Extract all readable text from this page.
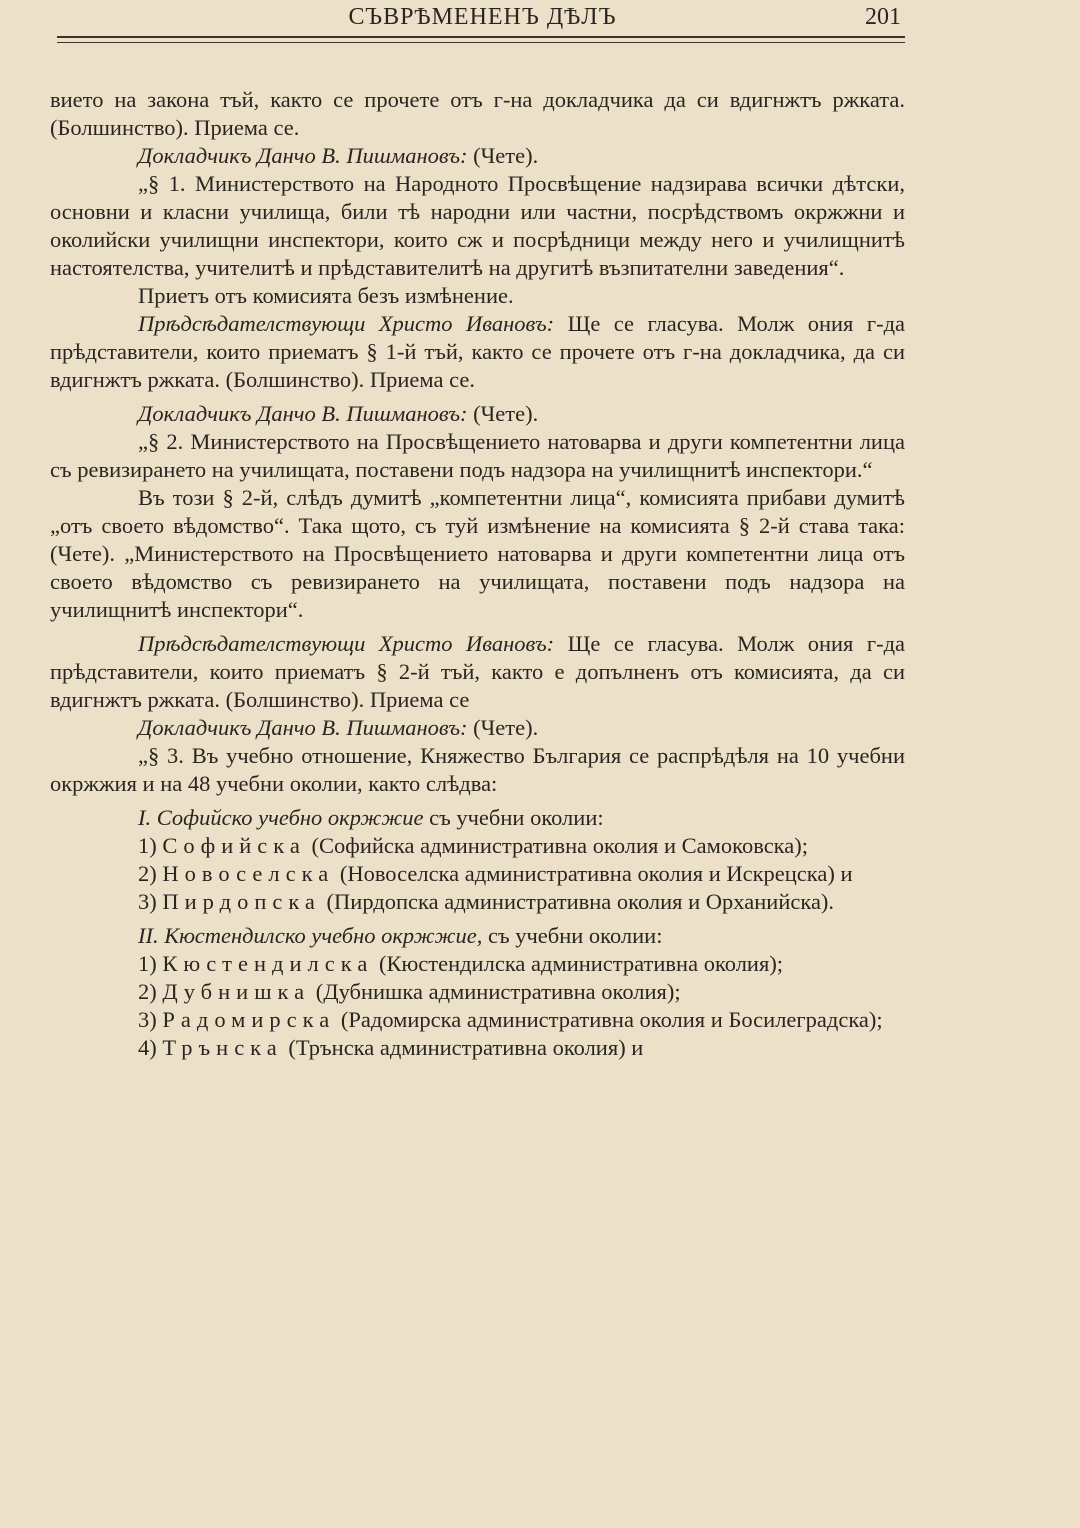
СЪВРѢМЕНЕНЪ ДѢЛЪ	201

вието на закона тъй, както се прочете отъ г-на докладчика да си вдигнжтъ ржката. (Болшинство). Приема се.

Докладчикъ Данчо В. Пишмановъ: (Чете).

„§ 1. Министерството на Народното Просвѣщение надзирава всички дѣтски, основни и класни училища, били тѣ народни или частни, посрѣдствомъ окржжни и околийски училищни инспектори, които сж и посрѣдници между него и училищнитѣ настоятелства, учителитѣ и прѣдставителитѣ на другитѣ възпитателни заведения“.

Приетъ отъ комисията безъ измѣнение.

Прѣдсѣдателствующи Христо Ивановъ: Ще се гласува. Молж ония г-да прѣдставители, които приематъ § 1-й тъй, както се прочете отъ г-на докладчика, да си вдигнжтъ ржката. (Болшинство). Приема се.

Докладчикъ Данчо В. Пишмановъ: (Чете).

„§ 2. Министерството на Просвѣщението натоварва и други компетентни лица съ ревизирането на училищата, поставени подъ надзора на училищнитѣ инспектори.“

Въ този § 2-й, слѣдъ думитѣ „компетентни лица“, комисията прибави думитѣ „отъ своето вѣдомство“. Така щото, съ туй измѣнение на комисията § 2-й става така: (Чете). „Министерството на Просвѣщението натоварва и други компетентни лица отъ своето вѣдомство съ ревизирането на училищата, поставени подъ надзора на училищнитѣ инспектори“.

Прѣдсѣдателствующи Христо Ивановъ: Ще се гласува. Молж ония г-да прѣдставители, които приематъ § 2-й тъй, както е допълненъ отъ комисията, да си вдигнжтъ ржката. (Болшинство). Приема се

Докладчикъ Данчо В. Пишмановъ: (Чете).

„§ 3. Въ учебно отношение, Княжество България се распрѣдѣля на 10 учебни окржжия и на 48 учебни околии, както слѣдва:

I. Софийско учебно окржжие съ учебни околии:

1) Софийска (Софийска административна околия и Самоковска);

2) Новоселска (Новоселска административна околия и Искрецска) и

3) Пирдопска (Пирдопска административна околия и Орханийска).

II. Кюстендилско учебно окржжие, съ учебни околии:

1) Кюстендилска (Кюстендилска административна околия);

2) Дубнишка (Дубнишка административна околия);

3) Радомирска (Радомирска административна околия и Босилеградска);

4) Трънска (Трънска административна околия) и
